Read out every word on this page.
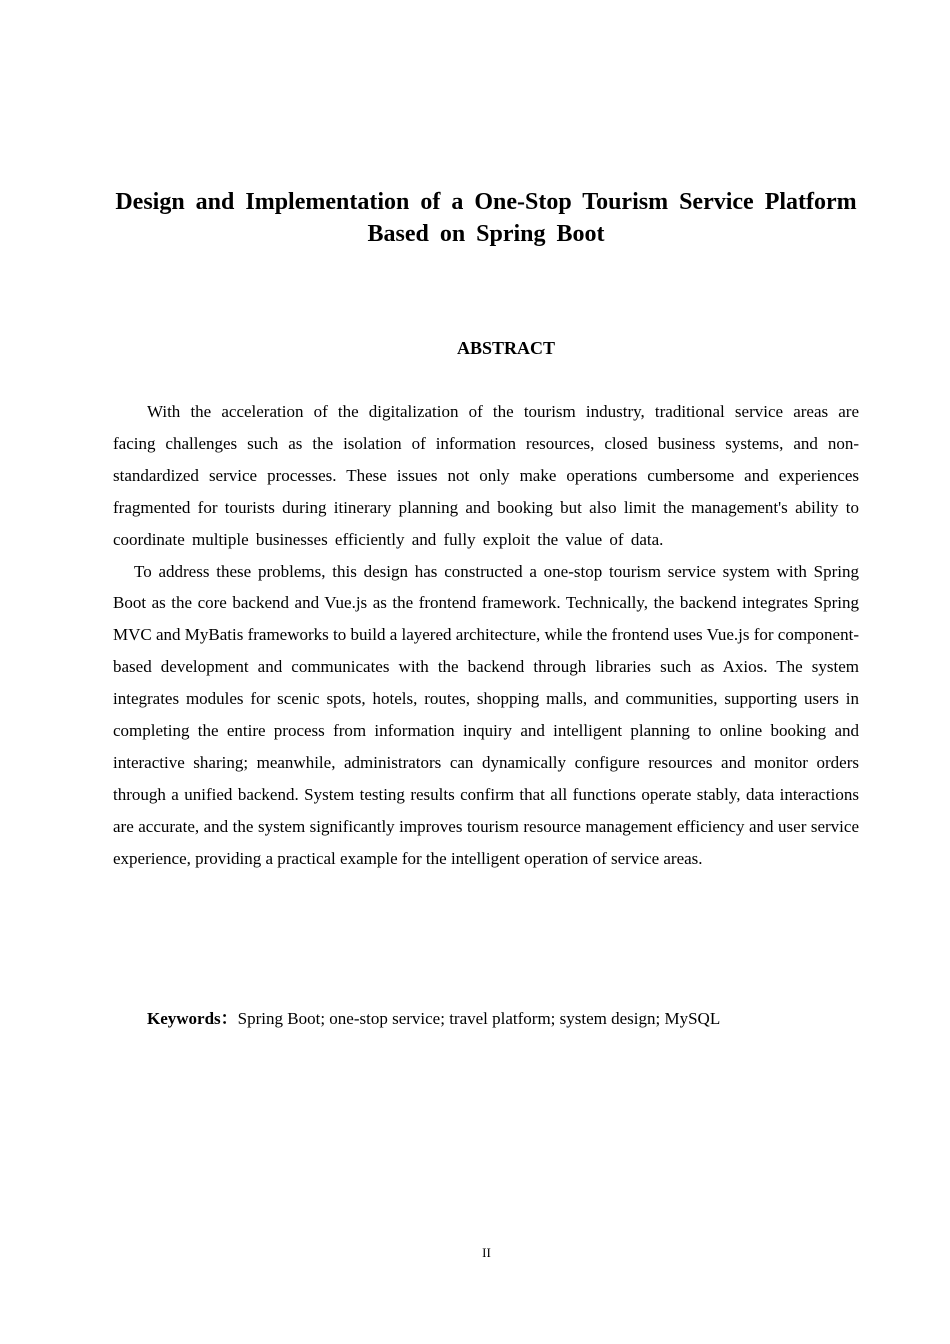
Design and Implementation of a One-Stop Tourism Service Platform Based on Spring Boot
ABSTRACT

With the acceleration of the digitalization of the tourism industry, traditional service areas are facing challenges such as the isolation of information resources, closed business systems, and non-standardized service processes. These issues not only make operations cumbersome and experiences fragmented for tourists during itinerary planning and booking but also limit the management's ability to coordinate multiple businesses efficiently and fully exploit the value of data.

To address these problems, this design has constructed a one-stop tourism service system with Spring Boot as the core backend and Vue.js as the frontend framework. Technically, the backend integrates Spring MVC and MyBatis frameworks to build a layered architecture, while the frontend uses Vue.js for component-based development and communicates with the backend through libraries such as Axios. The system integrates modules for scenic spots, hotels, routes, shopping malls, and communities, supporting users in completing the entire process from information inquiry and intelligent planning to online booking and interactive sharing; meanwhile, administrators can dynamically configure resources and monitor orders through a unified backend. System testing results confirm that all functions operate stably, data interactions are accurate, and the system significantly improves tourism resource management efficiency and user service experience, providing a practical example for the intelligent operation of service areas.

Keywords：Spring Boot; one-stop service; travel platform; system design; MySQL
II
